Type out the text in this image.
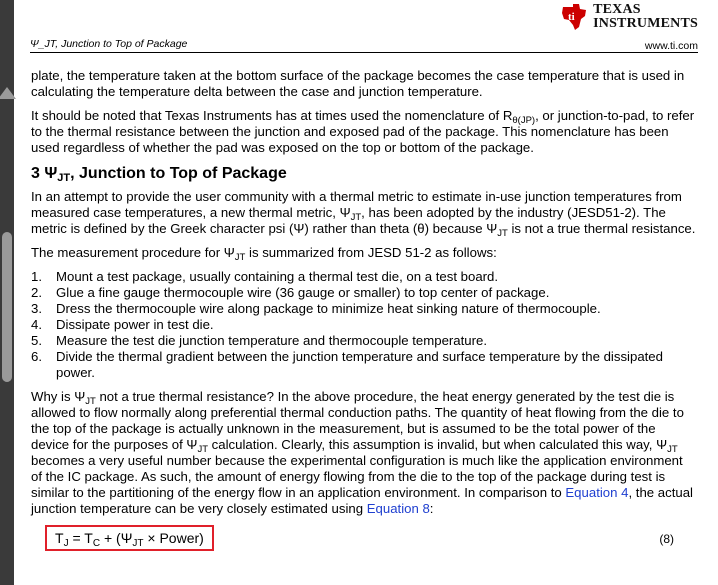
ti TEXAS
INSTRUMENTS
Ψ_JT, Junction to Top of Package	www.ti.com

plate, the temperature taken at the bottom surface of the package becomes the case temperature that is used in calculating the temperature delta between the case and junction temperature.

It should be noted that Texas Instruments has at times used the nomenclature of $R_{\theta(JP)}$, or junction-to-pad, to refer to the thermal resistance between the junction and exposed pad of the package. This nomenclature has been used regardless of whether the pad was exposed on the top or bottom of the package.

3 $\Psi_{JT}$, Junction to Top of Package

In an attempt to provide the user community with a thermal metric to estimate in-use junction temperatures from measured case temperatures, a new thermal metric, $\Psi_{JT}$, has been adopted by the industry (JESD51-2). The metric is defined by the Greek character psi (Ψ) rather than theta (θ) because $\Psi_{JT}$ is not a true thermal resistance.

The measurement procedure for $\Psi_{JT}$ is summarized from JESD 51-2 as follows:

1. Mount a test package, usually containing a thermal test die, on a test board.
2. Glue a fine gauge thermocouple wire (36 gauge or smaller) to top center of package.
3. Dress the thermocouple wire along package to minimize heat sinking nature of thermocouple.
4. Dissipate power in test die.
5. Measure the test die junction temperature and thermocouple temperature.
6. Divide the thermal gradient between the junction temperature and surface temperature by the dissipated power.

Why is $\Psi_{JT}$ not a true thermal resistance? In the above procedure, the heat energy generated by the test die is allowed to flow normally along preferential thermal conduction paths. The quantity of heat flowing from the die to the top of the package is actually unknown in the measurement, but is assumed to be the total power of the device for the purposes of $\Psi_{JT}$ calculation. Clearly, this assumption is invalid, but when calculated this way, $\Psi_{JT}$ becomes a very useful number because the experimental configuration is much like the application environment of the IC package. As such, the amount of energy flowing from the die to the top of the package during test is similar to the partitioning of the energy flow in an application environment. In comparison to Equation 4, the actual junction temperature can be very closely estimated using Equation 8:

$T_J = T_C + (\Psi_{JT}$ × Power)	(8)
